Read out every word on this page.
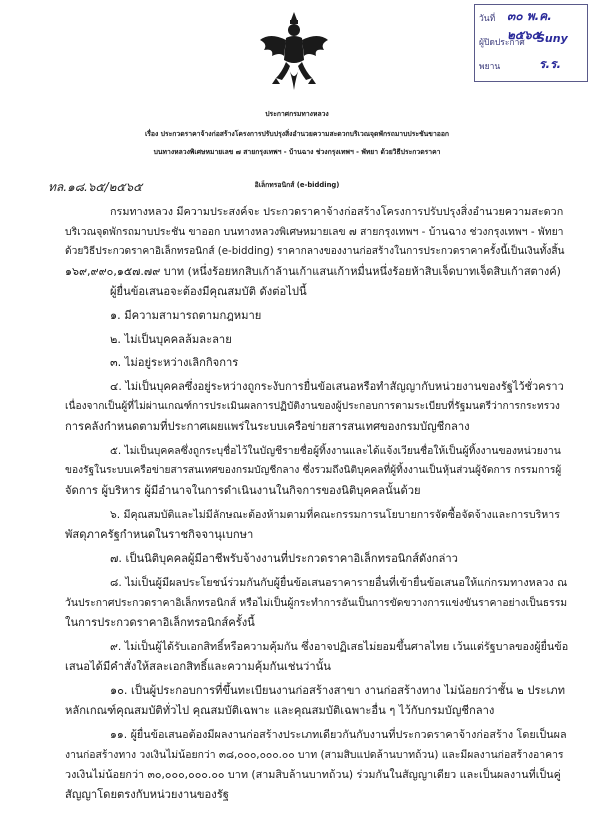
วันที่ ๓๐ พ.ค. ๒๕๖๕
ผู้ปิดประกาศ Suny
พยาน	ร.ร.
ประกาศกรมทางหลวง
เรื่อง ประกวดราคาจ้างก่อสร้างโครงการปรับปรุงสิ่งอำนวยความสะดวกบริเวณจุดพักรถมาบประชันขาออก
บนทางหลวงพิเศษหมายเลข ๗ สายกรุงเทพฯ - บ้านฉาง ช่วงกรุงเทพฯ - พัทยา ด้วยวิธีประกวดราคา
อิเล็กทรอนิกส์ (e-bidding)
ทล.๑๘.๖๕/๒๕๖๕
กรมทางหลวง มีความประสงค์จะ ประกวดราคาจ้างก่อสร้างโครงการปรับปรุงสิ่งอำนวยความสะดวก
บริเวณจุดพักรถมาบประชัน ขาออก บนทางหลวงพิเศษหมายเลข ๗ สายกรุงเทพฯ - บ้านฉาง ช่วงกรุงเทพฯ - พัทยา
ด้วยวิธีประกวดราคาอิเล็กทรอนิกส์ (e-bidding) ราคากลางของงานก่อสร้างในการประกวดราคาครั้งนี้เป็นเงินทั้งสิ้น
๑๖๙,๙๙๐,๑๕๗.๗๙ บาท (หนึ่งร้อยหกสิบเก้าล้านเก้าแสนเก้าหมื่นหนึ่งร้อยห้าสิบเจ็ดบาทเจ็ดสิบเก้าสตางค์)
ผู้ยื่นข้อเสนอจะต้องมีคุณสมบัติ ดังต่อไปนี้
๑. มีความสามารถตามกฎหมาย
๒. ไม่เป็นบุคคลล้มละลาย
๓. ไม่อยู่ระหว่างเลิกกิจการ
๔. ไม่เป็นบุคคลซึ่งอยู่ระหว่างถูกระงับการยื่นข้อเสนอหรือทำสัญญากับหน่วยงานของรัฐไว้ชั่วคราว
เนื่องจากเป็นผู้ที่ไม่ผ่านเกณฑ์การประเมินผลการปฏิบัติงานของผู้ประกอบการตามระเบียบที่รัฐมนตรีว่าการกระทรวง
การคลังกำหนดตามที่ประกาศเผยแพร่ในระบบเครือข่ายสารสนเทศของกรมบัญชีกลาง
๕. ไม่เป็นบุคคลซึ่งถูกระบุชื่อไว้ในบัญชีรายชื่อผู้ทิ้งงานและได้แจ้งเวียนชื่อให้เป็นผู้ทิ้งงานของหน่วยงาน
ของรัฐในระบบเครือข่ายสารสนเทศของกรมบัญชีกลาง ซึ่งรวมถึงนิติบุคคลที่ผู้ทิ้งงานเป็นหุ้นส่วนผู้จัดการ กรรมการผู้
จัดการ ผู้บริหาร ผู้มีอำนาจในการดำเนินงานในกิจการของนิติบุคคลนั้นด้วย
๖. มีคุณสมบัติและไม่มีลักษณะต้องห้ามตามที่คณะกรรมการนโยบายการจัดซื้อจัดจ้างและการบริหาร
พัสดุภาครัฐกำหนดในราชกิจจานุเบกษา
๗. เป็นนิติบุคคลผู้มีอาชีพรับจ้างงานที่ประกวดราคาอิเล็กทรอนิกส์ดังกล่าว
๘. ไม่เป็นผู้มีผลประโยชน์ร่วมกันกับผู้ยื่นข้อเสนอราคารายอื่นที่เข้ายื่นข้อเสนอให้แก่กรมทางหลวง ณ
วันประกาศประกวดราคาอิเล็กทรอนิกส์ หรือไม่เป็นผู้กระทำการอันเป็นการขัดขวางการแข่งขันราคาอย่างเป็นธรรม
ในการประกวดราคาอิเล็กทรอนิกส์ครั้งนี้
๙. ไม่เป็นผู้ได้รับเอกสิทธิ์หรือความคุ้มกัน ซึ่งอาจปฏิเสธไม่ยอมขึ้นศาลไทย เว้นแต่รัฐบาลของผู้ยื่นข้อ
เสนอได้มีคำสั่งให้สละเอกสิทธิ์และความคุ้มกันเช่นว่านั้น
๑๐. เป็นผู้ประกอบการที่ขึ้นทะเบียนงานก่อสร้างสาขา งานก่อสร้างทาง ไม่น้อยกว่าชั้น ๒ ประเภท
หลักเกณฑ์คุณสมบัติทั่วไป คุณสมบัติเฉพาะ และคุณสมบัติเฉพาะอื่น ๆ ไว้กับกรมบัญชีกลาง
๑๑. ผู้ยื่นข้อเสนอต้องมีผลงานก่อสร้างประเภทเดียวกันกับงานที่ประกวดราคาจ้างก่อสร้าง โดยเป็นผล
งานก่อสร้างทาง วงเงินไม่น้อยกว่า ๓๘,๐๐๐,๐๐๐.๐๐ บาท (สามสิบแปดล้านบาทถ้วน) และมีผลงานก่อสร้างอาคาร
วงเงินไม่น้อยกว่า ๓๐,๐๐๐,๐๐๐.๐๐ บาท (สามสิบล้านบาทถ้วน) ร่วมกันในสัญญาเดียว และเป็นผลงานที่เป็นคู่
สัญญาโดยตรงกับหน่วยงานของรัฐ
